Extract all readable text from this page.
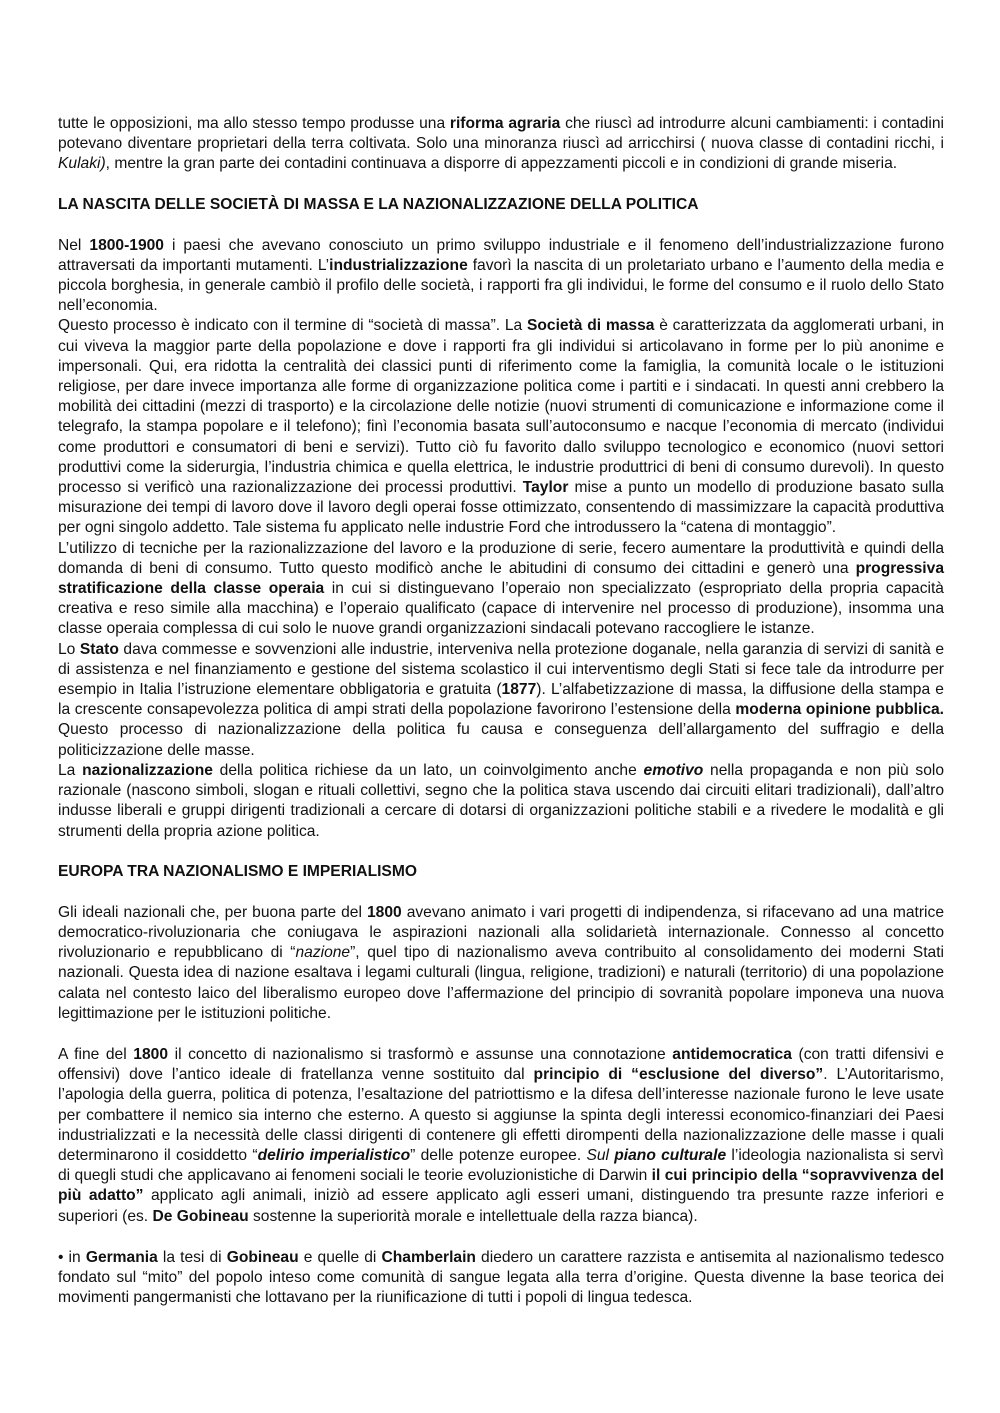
tutte le opposizioni, ma allo stesso tempo produsse una riforma agraria che riuscì ad introdurre alcuni cambiamenti: i contadini potevano diventare proprietari della terra coltivata. Solo una minoranza riuscì ad arricchirsi ( nuova classe di contadini ricchi, i Kulaki), mentre la gran parte dei contadini continuava a disporre di appezzamenti piccoli e in condizioni di grande miseria.

LA NASCITA DELLE SOCIETÀ DI MASSA E LA NAZIONALIZZAZIONE DELLA POLITICA

Nel 1800-1900 i paesi che avevano conosciuto un primo sviluppo industriale e il fenomeno dell’industrializzazione furono attraversati da importanti mutamenti. L’industrializzazione favorì la nascita di un proletariato urbano e l’aumento della media e piccola borghesia, in generale cambiò il profilo delle società, i rapporti fra gli individui, le forme del consumo e il ruolo dello Stato nell’economia.

Questo processo è indicato con il termine di “società di massa”. La Società di massa è caratterizzata da agglomerati urbani, in cui viveva la maggior parte della popolazione e dove i rapporti fra gli individui si articolavano in forme per lo più anonime e impersonali. Qui, era ridotta la centralità dei classici punti di riferimento come la famiglia, la comunità locale o le istituzioni religiose, per dare invece importanza alle forme di organizzazione politica come i partiti e i sindacati. In questi anni crebbero la mobilità dei cittadini (mezzi di trasporto) e la circolazione delle notizie (nuovi strumenti di comunicazione e informazione come il telegrafo, la stampa popolare e il telefono); finì l’economia basata sull’autoconsumo e nacque l’economia di mercato (individui come produttori e consumatori di beni e servizi). Tutto ciò fu favorito dallo sviluppo tecnologico e economico (nuovi settori produttivi come la siderurgia, l’industria chimica e quella elettrica, le industrie produttrici di beni di consumo durevoli). In questo processo si verificò una razionalizzazione dei processi produttivi. Taylor mise a punto un modello di produzione basato sulla misurazione dei tempi di lavoro dove il lavoro degli operai fosse ottimizzato, consentendo di massimizzare la capacità produttiva per ogni singolo addetto. Tale sistema fu applicato nelle industrie Ford che introdussero la “catena di montaggio”.

L’utilizzo di tecniche per la razionalizzazione del lavoro e la produzione di serie, fecero aumentare la produttività e quindi della domanda di beni di consumo. Tutto questo modificò anche le abitudini di consumo dei cittadini e generò una progressiva stratificazione della classe operaia in cui si distinguevano l’operaio non specializzato (espropriato della propria capacità creativa e reso simile alla macchina) e l’operaio qualificato (capace di intervenire nel processo di produzione), insomma una classe operaia complessa di cui solo le nuove grandi organizzazioni sindacali potevano raccogliere le istanze.

Lo Stato dava commesse e sovvenzioni alle industrie, interveniva nella protezione doganale, nella garanzia di servizi di sanità e di assistenza e nel finanziamento e gestione del sistema scolastico il cui interventismo degli Stati si fece tale da introdurre per esempio in Italia l’istruzione elementare obbligatoria e gratuita (1877). L’alfabetizzazione di massa, la diffusione della stampa e la crescente consapevolezza politica di ampi strati della popolazione favorirono l’estensione della moderna opinione pubblica. Questo processo di nazionalizzazione della politica fu causa e conseguenza dell’allargamento del suffragio e della politicizzazione delle masse.

La nazionalizzazione della politica richiese da un lato, un coinvolgimento anche emotivo nella propaganda e non più solo razionale (nascono simboli, slogan e rituali collettivi, segno che la politica stava uscendo dai circuiti elitari tradizionali), dall’altro indusse liberali e gruppi dirigenti tradizionali a cercare di dotarsi di organizzazioni politiche stabili e a rivedere le modalità e gli strumenti della propria azione politica.

EUROPA TRA NAZIONALISMO E IMPERIALISMO

Gli ideali nazionali che, per buona parte del 1800 avevano animato i vari progetti di indipendenza, si rifacevano ad una matrice democratico-rivoluzionaria che coniugava le aspirazioni nazionali alla solidarietà internazionale. Connesso al concetto rivoluzionario e repubblicano di “nazione”, quel tipo di nazionalismo aveva contribuito al consolidamento dei moderni Stati nazionali. Questa idea di nazione esaltava i legami culturali (lingua, religione, tradizioni) e naturali (territorio) di una popolazione calata nel contesto laico del liberalismo europeo dove l’affermazione del principio di sovranità popolare imponeva una nuova legittimazione per le istituzioni politiche.

A fine del 1800 il concetto di nazionalismo si trasformò e assunse una connotazione antidemocratica (con tratti difensivi e offensivi) dove l’antico ideale di fratellanza venne sostituito dal principio di “esclusione del diverso”. L’Autoritarismo, l’apologia della guerra, politica di potenza, l’esaltazione del patriottismo e la difesa dell’interesse nazionale furono le leve usate per combattere il nemico sia interno che esterno. A questo si aggiunse la spinta degli interessi economico-finanziari dei Paesi industrializzati e la necessità delle classi dirigenti di contenere gli effetti dirompenti della nazionalizzazione delle masse i quali determinarono il cosiddetto “delirio imperialistico” delle potenze europee. Sul piano culturale l’ideologia nazionalista si servì di quegli studi che applicavano ai fenomeni sociali le teorie evoluzionistiche di Darwin il cui principio della “sopravvivenza del più adatto” applicato agli animali, iniziò ad essere applicato agli esseri umani, distinguendo tra presunte razze inferiori e superiori (es. De Gobineau sostenne la superiorità morale e intellettuale della razza bianca).

• in Germania la tesi di Gobineau e quelle di Chamberlain diedero un carattere razzista e antisemita al nazionalismo tedesco fondato sul “mito” del popolo inteso come comunità di sangue legata alla terra d’origine. Questa divenne la base teorica dei movimenti pangermanisti che lottavano per la riunificazione di tutti i popoli di lingua tedesca.
